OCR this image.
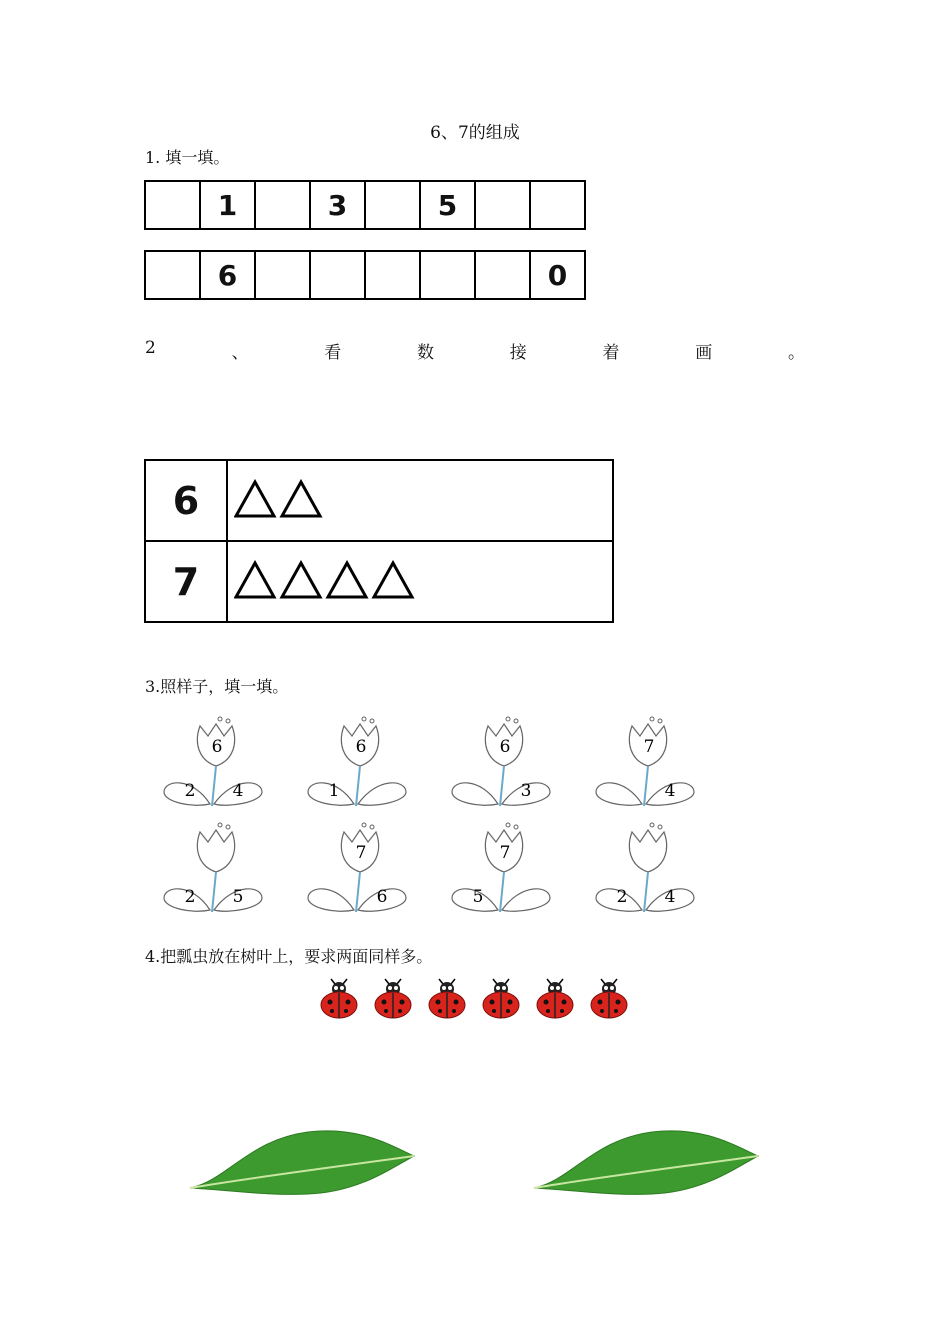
6、7的组成
1. 填一填。
	1		3		5		
	6						0
2	、	看	数	接	着	画	。
6	
7	
3.照样子，填一填。
6
2 4
6
1
6
3
7
4
2 5
7
6
7
5	2 4
4.把瓢虫放在树叶上，要求两面同样多。
